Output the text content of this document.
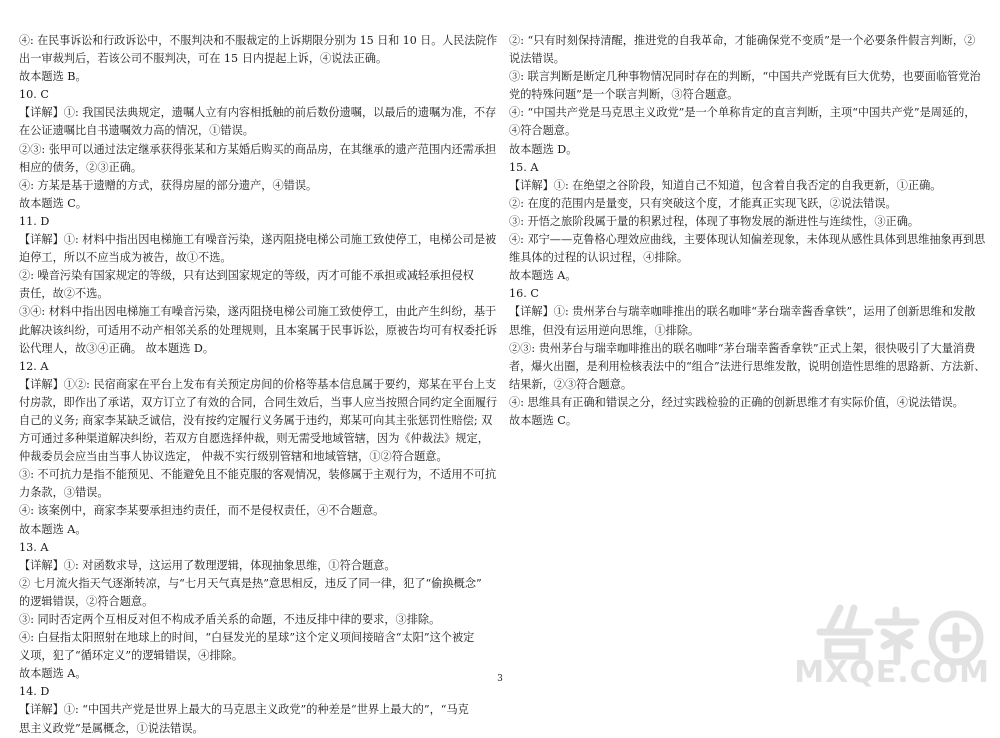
④: 在民事诉讼和行政诉讼中，不服判决和不服裁定的上诉期限分别为 15 日和 10 日。人民法院作
出一审裁判后，若该公司不服判决，可在 15 日内提起上诉，④说法正确。
故本题选 B。
10. C
【详解】①: 我国民法典规定，遗嘱人立有内容相抵触的前后数份遗嘱，以最后的遗嘱为准，不存
在公证遗嘱比自书遗嘱效力高的情况，①错误。
②③: 张甲可以通过法定继承获得张某和方某婚后购买的商品房，在其继承的遗产范围内还需承担
相应的债务，②③正确。
④: 方某是基于遗赠的方式，获得房屋的部分遗产，④错误。
故本题选 C。
11. D
【详解】①: 材料中指出因电梯施工有噪音污染，遂丙阻挠电梯公司施工致使停工，电梯公司是被
迫停工，所以不应当成为被告，故①不选。
②: 噪音污染有国家规定的等级，只有达到国家规定的等级，丙才可能不承担或减轻承担侵权
责任，故②不选。
③④: 材料中指出因电梯施工有噪音污染，遂丙阻挠电梯公司施工致使停工，由此产生纠纷，基于
此解决该纠纷，可适用不动产相邻关系的处理规则，且本案属于民事诉讼，原被告均可有权委托诉
讼代理人，故③④正确。 故本题选 D。
12. A
【详解】①②: 民宿商家在平台上发布有关预定房间的价格等基本信息属于要约，郑某在平台上支
付房款，即作出了承诺，双方订立了有效的合同，合同生效后，当事人应当按照合同约定全面履行
自己的义务; 商家李某缺乏诚信，没有按约定履行义务属于违约，郑某可向其主张惩罚性赔偿; 双
方可通过多种渠道解决纠纷，若双方自愿选择仲裁，则无需受地域管辖，因为《仲裁法》规定，
仲裁委员会应当由当事人协议选定， 仲裁不实行级别管辖和地域管辖，①②符合题意。
③: 不可抗力是指不能预见、不能避免且不能克服的客观情况，装修属于主观行为，不适用不可抗
力条款，③错误。
④: 该案例中，商家李某要承担违约责任，而不是侵权责任，④不合题意。
故本题选 A。
13. A
【详解】①: 对函数求导，这运用了数理逻辑，体现抽象思维，①符合题意。
② 七月流火指天气逐渐转凉，与“七月天气真是热”意思相反，违反了同一律，犯了“偷换概念”
的逻辑错误，②符合题意。
③: 同时否定两个互相反对但不构成矛盾关系的命题，不违反排中律的要求，③排除。
④: 白昼指太阳照射在地球上的时间，“白昼发光的星球”这个定义项间接暗含“太阳”这个被定
义项，犯了“循环定义”的逻辑错误，④排除。
故本题选 A。
14. D
【详解】①: “中国共产党是世界上最大的马克思主义政党”的种差是“世界上最大的”，“马克
思主义政党”是属概念，①说法错误。
②: “只有时刻保持清醒，推进党的自我革命，才能确保党不变质”是一个必要条件假言判断，②
说法错误。
③: 联言判断是断定几种事物情况同时存在的判断，“中国共产党既有巨大优势，也要面临管党治
党的特殊问题”是一个联言判断，③符合题意。
④: “中国共产党是马克思主义政党”是一个单称肯定的直言判断，主项“中国共产党”是周延的，
④符合题意。
故本题选 D。
15. A
【详解】①: 在绝望之谷阶段，知道自己不知道，包含着自我否定的自我更新，①正确。
②: 在度的范围内是量变，只有突破这个度，才能真正实现飞跃，②说法错误。
③: 开悟之旅阶段属于量的积累过程，体现了事物发展的渐进性与连续性，③正确。
④: 邓宁——克鲁格心理效应曲线，主要体现认知偏差现象，未体现从感性具体到思维抽象再到思
维具体的过程的认识过程，④排除。
故本题选 A。
16. C
【详解】①: 贵州茅台与瑞幸咖啡推出的联名咖啡“茅台瑞幸酱香拿铁”，运用了创新思维和发散
思维，但没有运用逆向思维，①排除。
②③: 贵州茅台与瑞幸咖啡推出的联名咖啡“茅台瑞幸酱香拿铁”正式上架，很快吸引了大量消费
者，爆火出圈，是利用检核表法中的“组合”法进行思维发散，说明创造性思维的思路新、方法新、
结果新，②③符合题意。
④: 思维具有正确和错误之分，经过实践检验的正确的创新思维才有实际价值，④说法错误。
故本题选 C。
3	MXQE.COM
